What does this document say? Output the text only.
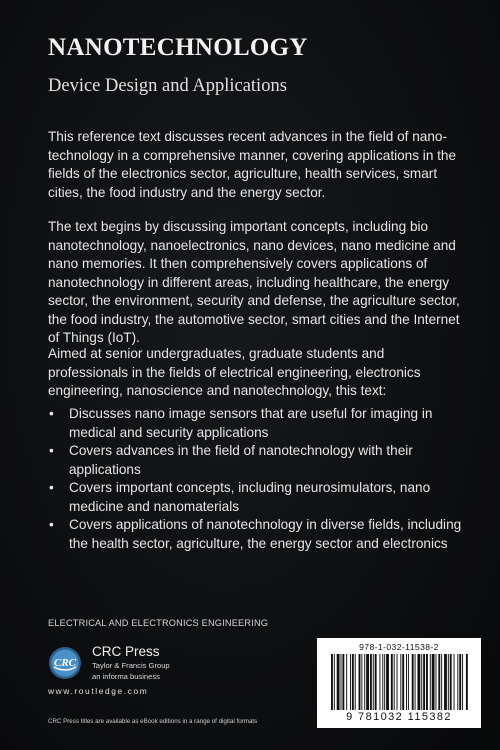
NANOTECHNOLOGY
Device Design and Applications
This reference text discusses recent advances in the field of nano-technology in a comprehensive manner, covering applications in the fields of the electronics sector, agriculture, health services, smart cities, the food industry and the energy sector.
The text begins by discussing important concepts, including bio nanotechnology, nanoelectronics, nano devices, nano medicine and nano memories. It then comprehensively covers applications of nanotechnology in different areas, including healthcare, the energy sector, the environment, security and defense, the agriculture sector, the food industry, the automotive sector, smart cities and the Internet of Things (IoT).
Aimed at senior undergraduates, graduate students and professionals in the fields of electrical engineering, electronics engineering, nanoscience and nanotechnology, this text:
• Discusses nano image sensors that are useful for imaging in medical and security applications
• Covers advances in the field of nanotechnology with their applications
• Covers important concepts, including neurosimulators, nano medicine and nanomaterials
• Covers applications of nanotechnology in diverse fields, including the health sector, agriculture, the energy sector and electronics
ELECTRICAL AND ELECTRONICS ENGINEERING
CRC
CRC Press
Taylor & Francis Group
an informa business
www.routledge.com
CRC Press titles are available as eBook editions in a range of digital formats
978-1-032-11538-2
9 781032 115382
